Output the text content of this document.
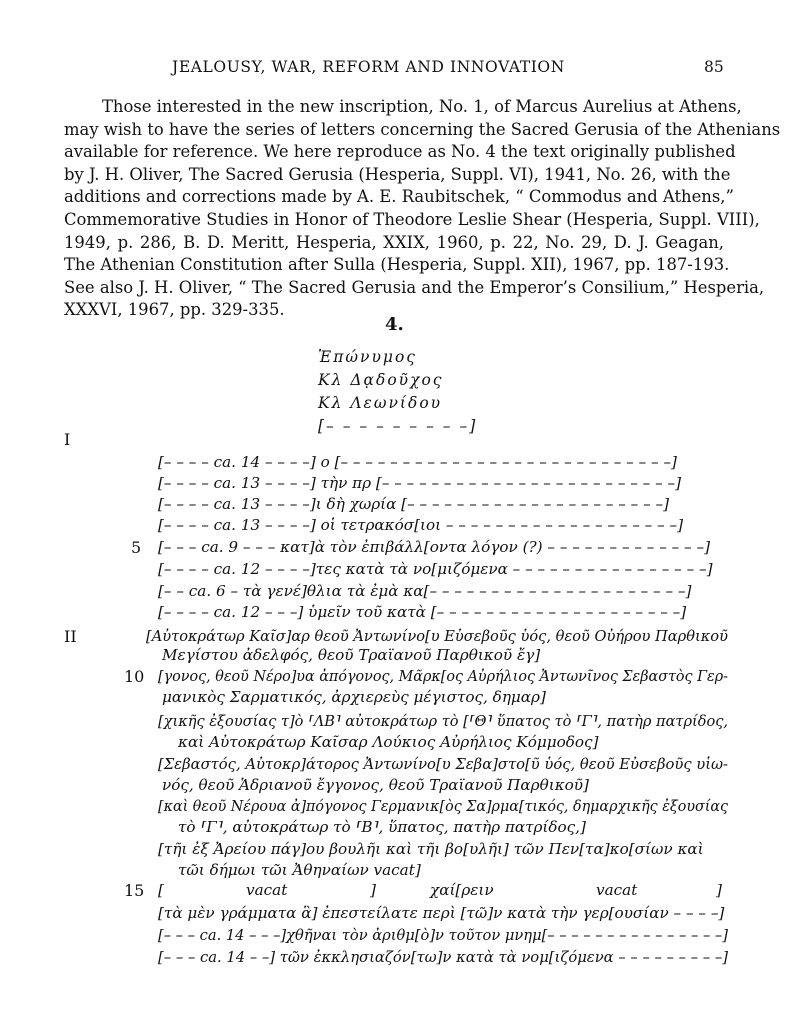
JEALOUSY, WAR, REFORM AND INNOVATION	85
Those interested in the new inscription, No. 1, of Marcus Aurelius at Athens,
may wish to have the series of letters concerning the Sacred Gerusia of the Athenians
available for reference. We here reproduce as No. 4 the text originally published
by J. H. Oliver, The Sacred Gerusia (Hesperia, Suppl. VI), 1941, No. 26, with the
additions and corrections made by A. E. Raubitschek, “ Commodus and Athens,”
Commemorative Studies in Honor of Theodore Leslie Shear (Hesperia, Suppl. VIII),
1949, p. 286, B. D. Meritt, Hesperia, XXIX, 1960, p. 22, No. 29, D. J. Geagan,
The Athenian Constitution after Sulla (Hesperia, Suppl. XII), 1967, pp. 187-193.
See also J. H. Oliver, “ The Sacred Gerusia and the Emperor’s Consilium,” Hesperia,
XXXVI, 1967, pp. 329-335.
4.
Ἐπώνυμος
Κλ Δᾳδοῦχος
Κλ Λεωνίδου
[– – – – – – – – –]
I
II
5
10
15
[– – – – ca. 14 – – – –] ο [– – – – – – – – – – – – – – – – – – – – – – – – – – –]
[– – – – ca. 13 – – – –] τὴν πρ [– – – – – – – – – – – – – – – – – – – – – – – –]
[– – – – ca. 13 – – – –]ι δὴ χωρία [– – – – – – – – – – – – – – – – – – – – –]
[– – – – ca. 13 – – – –] οἱ τετρακόσ[ιοι – – – – – – – – – – – – – – – – – – –]
[– – – ca. 9 – – – κατ]ὰ τὸν ἐπιβάλλ[οντα λόγον (?) – – – – – – – – – – – – –]
[– – – – ca. 12 – – – –]τες κατὰ τὰ νο[μιζόμενα – – – – – – – – – – – – – – – –]
[– – ca. 6 – τὰ γενέ]θλια τὰ ἐμὰ κα[– – – – – – – – – – – – – – – – – – – – –]
[– – – – ca. 12 – – –] ὑμεῖν τοῦ κατὰ [– – – – – – – – – – – – – – – – – – – –]
[Αὐτοκράτωρ Καῖσ]αρ θεοῦ Ἀντωνίνο[υ Εὐσεβοῦς ὑός, θεοῦ Οὐήρου Παρθικοῦ
Μεγίστου ἀδελφός, θεοῦ Τραϊανοῦ Παρθικοῦ ἔγ]
[γονος, θεοῦ Νέρο]υα ἀπόγονος, Μᾶρκ[ος Αὐρήλιος Ἀντωνῖνος Σεβαστὸς Γερ-
μανικὸς Σαρματικός, ἀρχιερεὺς μέγιστος, δημαρ]
[χικῆς ἐξουσίας τ]ὸ ⸢ΛΒ⸣ αὐτοκράτωρ τὸ [⸢Θ⸣ ὕπατος τὸ ⸢Γ⸣, πατὴρ πατρίδος,
καὶ Αὐτοκράτωρ Καῖσαρ Λούκιος Αὐρήλιος Κόμμοδος]
[Σεβαστός, Αὐτοκρ]άτορος Ἀντωνίνο[υ Σεβα]στο[ῦ ὑός, θεοῦ Εὐσεβοῦς υἱω-
νός, θεοῦ Ἁδριανοῦ ἔγγονος, θεοῦ Τραϊανοῦ Παρθικοῦ]
[καὶ θεοῦ Νέρουα ἀ]πόγονος Γερμανικ[ὸς Σα]ρμα[τικός, δημαρχικῆς ἐξουσίας
τὸ ⸢Γ⸣, αὐτοκράτωρ τὸ ⸢Β⸣, ὕπατος, πατὴρ πατρίδος,]
[τῆι ἐξ Ἀρείου πάγ]ου βουλῆι καὶ τῆι βο[υλῆι] τῶν Πεν[τα]κο[σίων καὶ
τῶι δήμωι τῶι Ἀθηναίων vacat]
[	vacat	]	χαί[ρειν	vacat	]
[τὰ μὲν γράμματα ἃ] ἐπεστείλατε περὶ [τῶ]ν κατὰ τὴν γερ[ουσίαν – – – –]
[– – – ca. 14 – – –]χθῆναι τὸν ἀριθμ[ὸ]ν τοῦτον μνημ[– – – – – – – – – – – – – – –]
[– – – ca. 14 – –] τῶν ἐκκλησιαζόν[τω]ν κατὰ τὰ νομ[ιζόμενα – – – – – – – – –]
